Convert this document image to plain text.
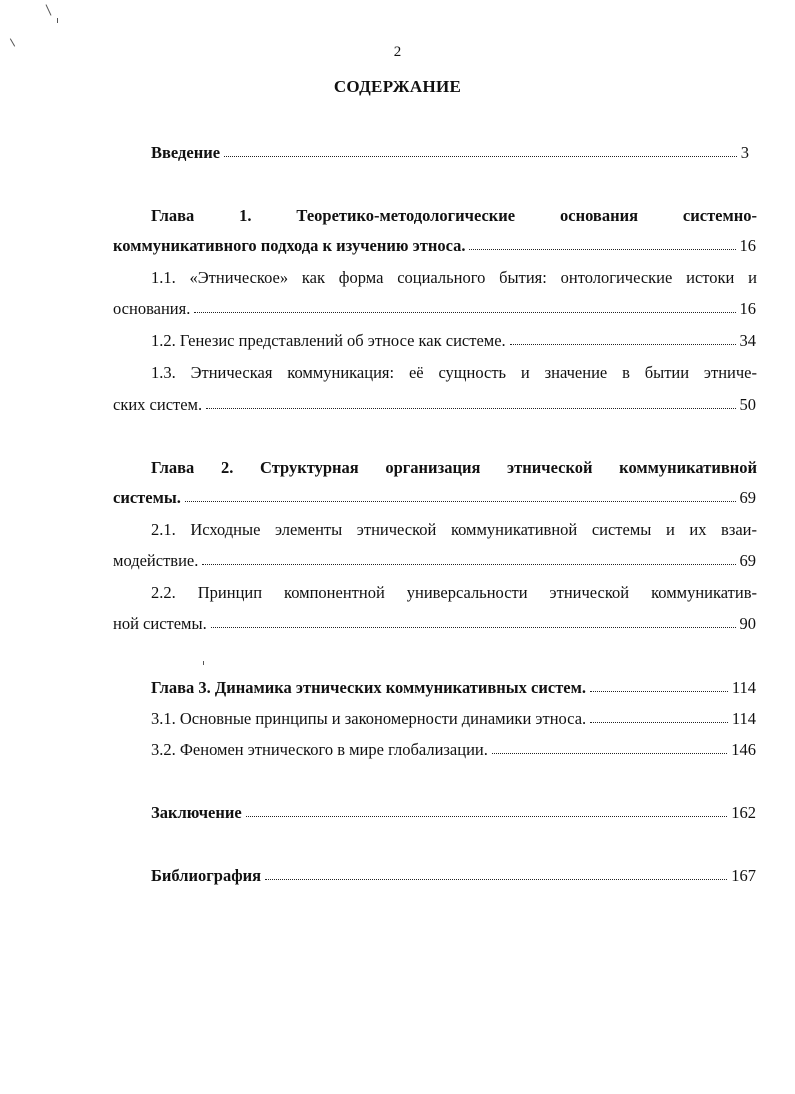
2
СОДЕРЖАНИЕ
Введение	3
Глава 1. Теоретико-методологические основания системно-
коммуникативного подхода к изучению этноса.	16
1.1. «Этническое» как форма социального бытия: онтологические истоки и
основания.	16
1.2. Генезис представлений об этносе как системе.	34
1.3. Этническая коммуникация: её сущность и значение в бытии этниче-
ских систем.	50
Глава 2. Структурная организация этнической коммуникативной
системы.	69
2.1. Исходные элементы этнической коммуникативной системы и их взаи-
модействие.	69
2.2. Принцип компонентной универсальности этнической коммуникатив-
ной системы.	90
Глава 3. Динамика этнических коммуникативных систем.	114
3.1. Основные принципы и закономерности динамики этноса.	114
3.2. Феномен этнического в мире глобализации.	146
Заключение	162
Библиография	167
